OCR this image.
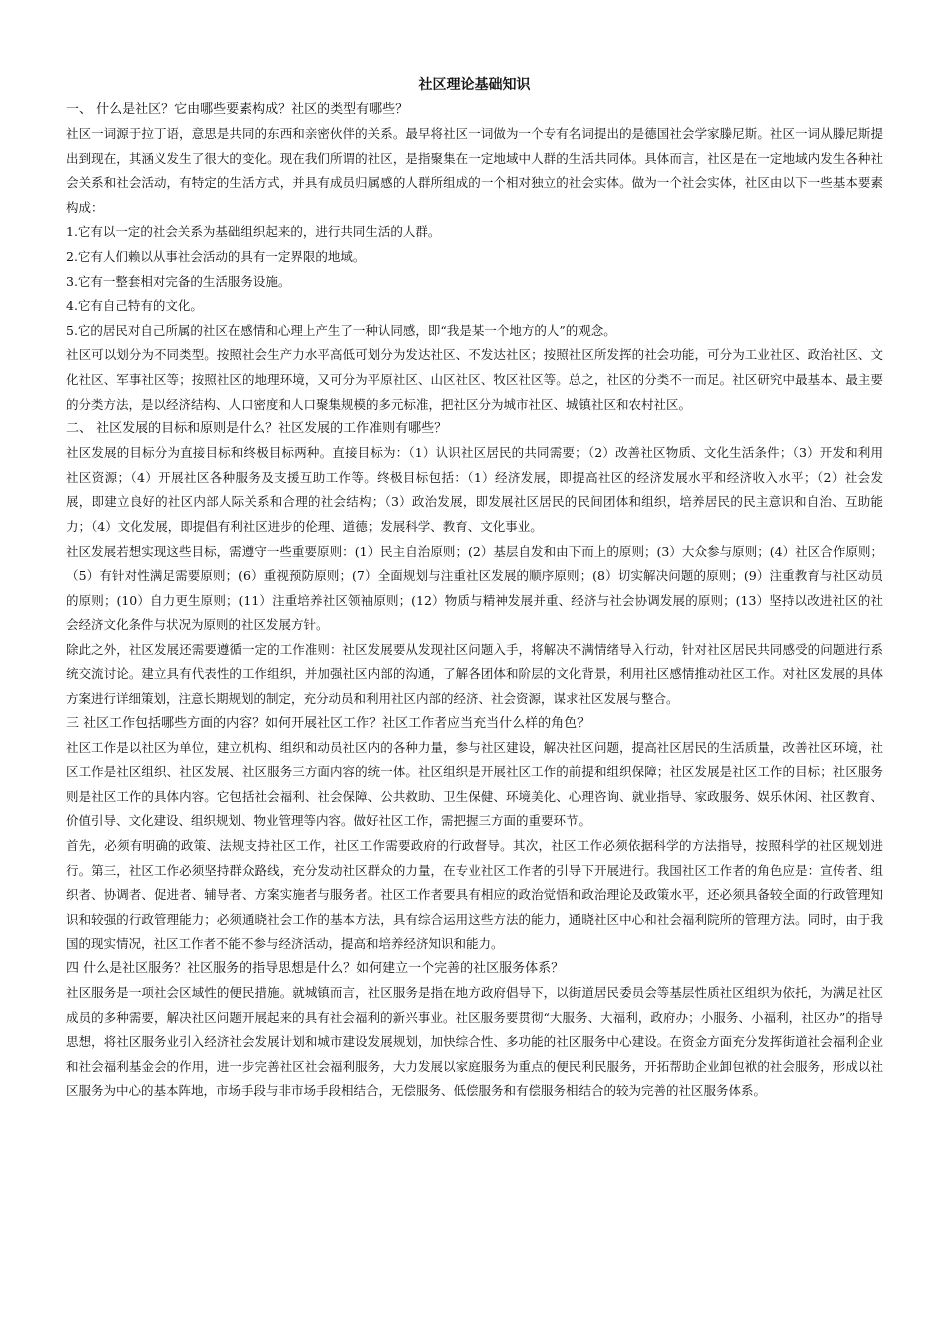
社区理论基础知识

一、 什么是社区？它由哪些要素构成？社区的类型有哪些？

社区一词源于拉丁语，意思是共同的东西和亲密伙伴的关系。最早将社区一词做为一个专有名词提出的是德国社会学家滕尼斯。社区一词从滕尼斯提出到现在，其涵义发生了很大的变化。现在我们所谓的社区，是指聚集在一定地域中人群的生活共同体。具体而言，社区是在一定地域内发生各种社会关系和社会活动，有特定的生活方式，并具有成员归属感的人群所组成的一个相对独立的社会实体。做为一个社会实体，社区由以下一些基本要素构成：

1.它有以一定的社会关系为基础组织起来的，进行共同生活的人群。

2.它有人们赖以从事社会活动的具有一定界限的地域。

3.它有一整套相对完备的生活服务设施。

4.它有自己特有的文化。

5.它的居民对自己所属的社区在感情和心理上产生了一种认同感，即“我是某一个地方的人”的观念。

社区可以划分为不同类型。按照社会生产力水平高低可划分为发达社区、不发达社区；按照社区所发挥的社会功能，可分为工业社区、政治社区、文化社区、军事社区等；按照社区的地理环境，又可分为平原社区、山区社区、牧区社区等。总之，社区的分类不一而足。社区研究中最基本、最主要的分类方法，是以经济结构、人口密度和人口聚集规模的多元标准，把社区分为城市社区、城镇社区和农村社区。

二、 社区发展的目标和原则是什么？社区发展的工作准则有哪些？

社区发展的目标分为直接目标和终极目标两种。直接目标为：（1）认识社区居民的共同需要；（2）改善社区物质、文化生活条件；（3）开发和利用社区资源；（4）开展社区各种服务及支援互助工作等。终极目标包括：（1）经济发展，即提高社区的经济发展水平和经济收入水平；（2）社会发展，即建立良好的社区内部人际关系和合理的社会结构；（3）政治发展，即发展社区居民的民间团体和组织，培养居民的民主意识和自治、互助能力；（4）文化发展，即提倡有利社区进步的伦理、道德；发展科学、教育、文化事业。

社区发展若想实现这些目标，需遵守一些重要原则：(1）民主自治原则；(2）基层自发和由下而上的原则；(3）大众参与原则；(4）社区合作原则；（5）有针对性满足需要原则；(6）重视预防原则；(7）全面规划与注重社区发展的顺序原则；(8）切实解决问题的原则；(9）注重教育与社区动员的原则；(10）自力更生原则；(11）注重培养社区领袖原则；(12）物质与精神发展并重、经济与社会协调发展的原则；(13）坚持以改进社区的社会经济文化条件与状况为原则的社区发展方针。

除此之外，社区发展还需要遵循一定的工作准则：社区发展要从发现社区问题入手，将解决不满情绪导入行动，针对社区居民共同感受的问题进行系统交流讨论。建立具有代表性的工作组织，并加强社区内部的沟通，了解各团体和阶层的文化背景，利用社区感情推动社区工作。对社区发展的具体方案进行详细策划，注意长期规划的制定，充分动员和利用社区内部的经济、社会资源，谋求社区发展与整合。

三 社区工作包括哪些方面的内容？如何开展社区工作？社区工作者应当充当什么样的角色？

社区工作是以社区为单位，建立机构、组织和动员社区内的各种力量，参与社区建设，解决社区问题，提高社区居民的生活质量，改善社区环境，社区工作是社区组织、社区发展、社区服务三方面内容的统一体。社区组织是开展社区工作的前提和组织保障；社区发展是社区工作的目标；社区服务则是社区工作的具体内容。它包括社会福利、社会保障、公共救助、卫生保健、环境美化、心理咨询、就业指导、家政服务、娱乐休闲、社区教育、价值引导、文化建设、组织规划、物业管理等内容。做好社区工作，需把握三方面的重要环节。

首先，必须有明确的政策、法规支持社区工作，社区工作需要政府的行政督导。其次，社区工作必须依据科学的方法指导，按照科学的社区规划进行。第三，社区工作必须坚持群众路线，充分发动社区群众的力量，在专业社区工作者的引导下开展进行。我国社区工作者的角色应是：宣传者、组织者、协调者、促进者、辅导者、方案实施者与服务者。社区工作者要具有相应的政治觉悟和政治理论及政策水平，还必须具备较全面的行政管理知识和较强的行政管理能力；必须通晓社会工作的基本方法，具有综合运用这些方法的能力，通晓社区中心和社会福利院所的管理方法。同时，由于我国的现实情况，社区工作者不能不参与经济活动，提高和培养经济知识和能力。

四 什么是社区服务？社区服务的指导思想是什么？如何建立一个完善的社区服务体系？

社区服务是一项社会区域性的便民措施。就城镇而言，社区服务是指在地方政府倡导下，以街道居民委员会等基层性质社区组织为依托，为满足社区成员的多种需要，解决社区问题开展起来的具有社会福利的新兴事业。社区服务要贯彻“大服务、大福利，政府办；小服务、小福利，社区办”的指导思想，将社区服务业引入经济社会发展计划和城市建设发展规划，加快综合性、多功能的社区服务中心建设。在资金方面充分发挥街道社会福利企业和社会福利基金会的作用，进一步完善社区社会福利服务，大力发展以家庭服务为重点的便民利民服务，开拓帮助企业卸包袱的社会服务，形成以社区服务为中心的基本阵地，市场手段与非市场手段相结合，无偿服务、低偿服务和有偿服务相结合的较为完善的社区服务体系。
